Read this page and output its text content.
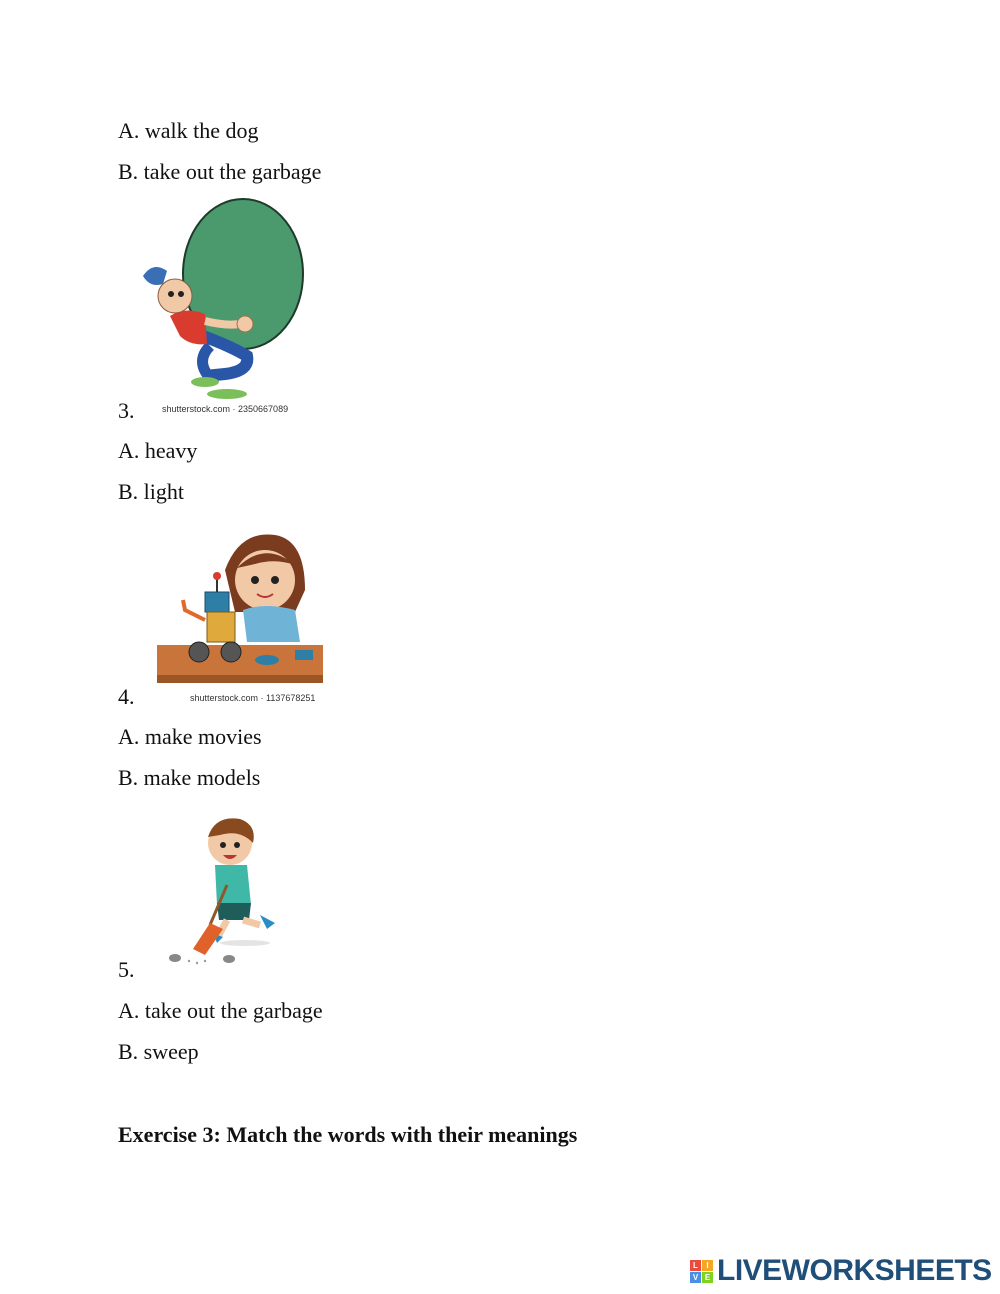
A. walk the dog
B. take out the garbage
shutterstock.com · 2350667089
3.
A. heavy
B. light
shutterstock.com · 1137678251
4.
A. make movies
B. make models
5.
A. take out the garbage
B. sweep
Exercise 3: Match the words with their meanings
L	I
V E LIVEWORKSHEETS
